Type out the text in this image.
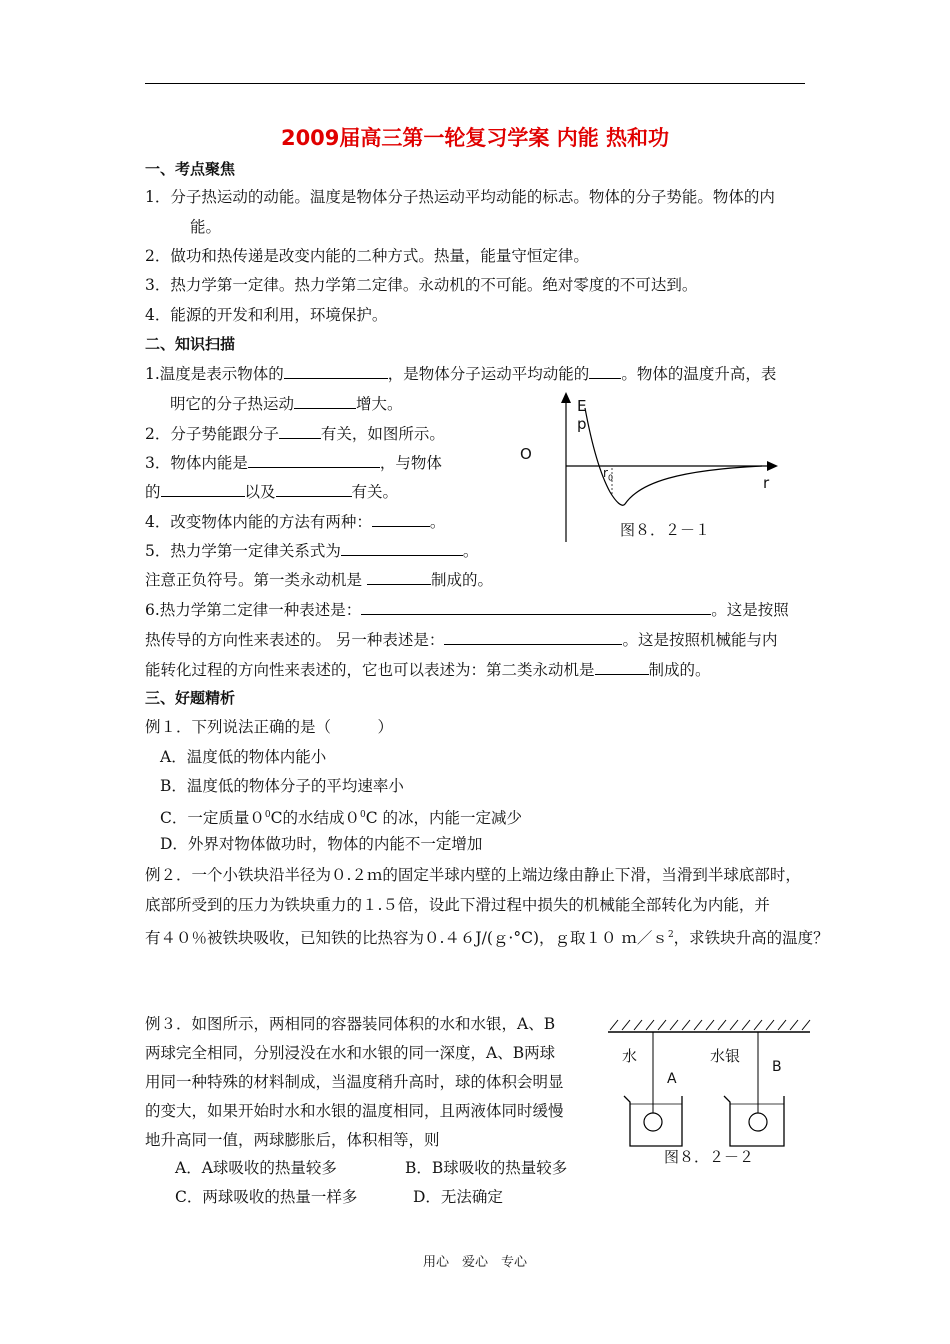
2009届高三第一轮复习学案 内能 热和功
一、考点聚焦
1．分子热运动的动能。温度是物体分子热运动平均动能的标志。物体的分子势能。物体的内
能。
2．做功和热传递是改变内能的二种方式。热量，能量守恒定律。
3．热力学第一定律。热力学第二定律。永动机的不可能。绝对零度的不可达到。
4．能源的开发和利用，环境保护。
二、知识扫描
1.温度是表示物体的	，是物体分子运动平均动能的 。物体的温度升高，表
明它的分子热运动	增大。
2．分子势能跟分子	有关，如图所示。
3．物体内能是	，与物体
的	以及	有关。
4．改变物体内能的方法有两种：	。
5．热力学第一定律关系式为	。
注意正负符号。第一类永动机是	制成的。
6.热力学第二定律一种表述是：	。这是按照
热传导的方向性来表述的。 另一种表述是：	。这是按照机械能与内
能转化过程的方向性来表述的，它也可以表述为：第二类永动机是	制成的。
E
p
O
$r_0$	r
图８．２－１
三、好题精析
例１．下列说法正确的是（　　　）
A．温度低的物体内能小
B．温度低的物体分子的平均速率小
C．一定质量$0^0C$的水结成$0^0C$ 的冰，内能一定减少
D．外界对物体做功时，物体的内能不一定增加
例２．一个小铁块沿半径为０.２ｍ的固定半球内壁的上端边缘由静止下滑，当滑到半球底部时，
底部所受到的压力为铁块重力的１.５倍，设此下滑过程中损失的机械能全部转化为内能，并
有４０％被铁块吸收，已知铁的比热容为０.４６J/(ｇ·°C)，ｇ取１０ ｍ／ｓ$^2$，求铁块升高的温度？
例３．如图所示，两相同的容器装同体积的水和水银，A、B
两球完全相同，分别浸没在水和水银的同一深度，A、B两球
用同一种特殊的材料制成，当温度稍升高时，球的体积会明显
的变大，如果开始时水和水银的温度相同，且两液体同时缓慢
地升高同一值，两球膨胀后，体积相等，则
A．A球吸收的热量较多	B．B球吸收的热量较多
C．两球吸收的热量一样多	D．无法确定
水	水银
A
B
图８．２－２
用心　爱心　专心
